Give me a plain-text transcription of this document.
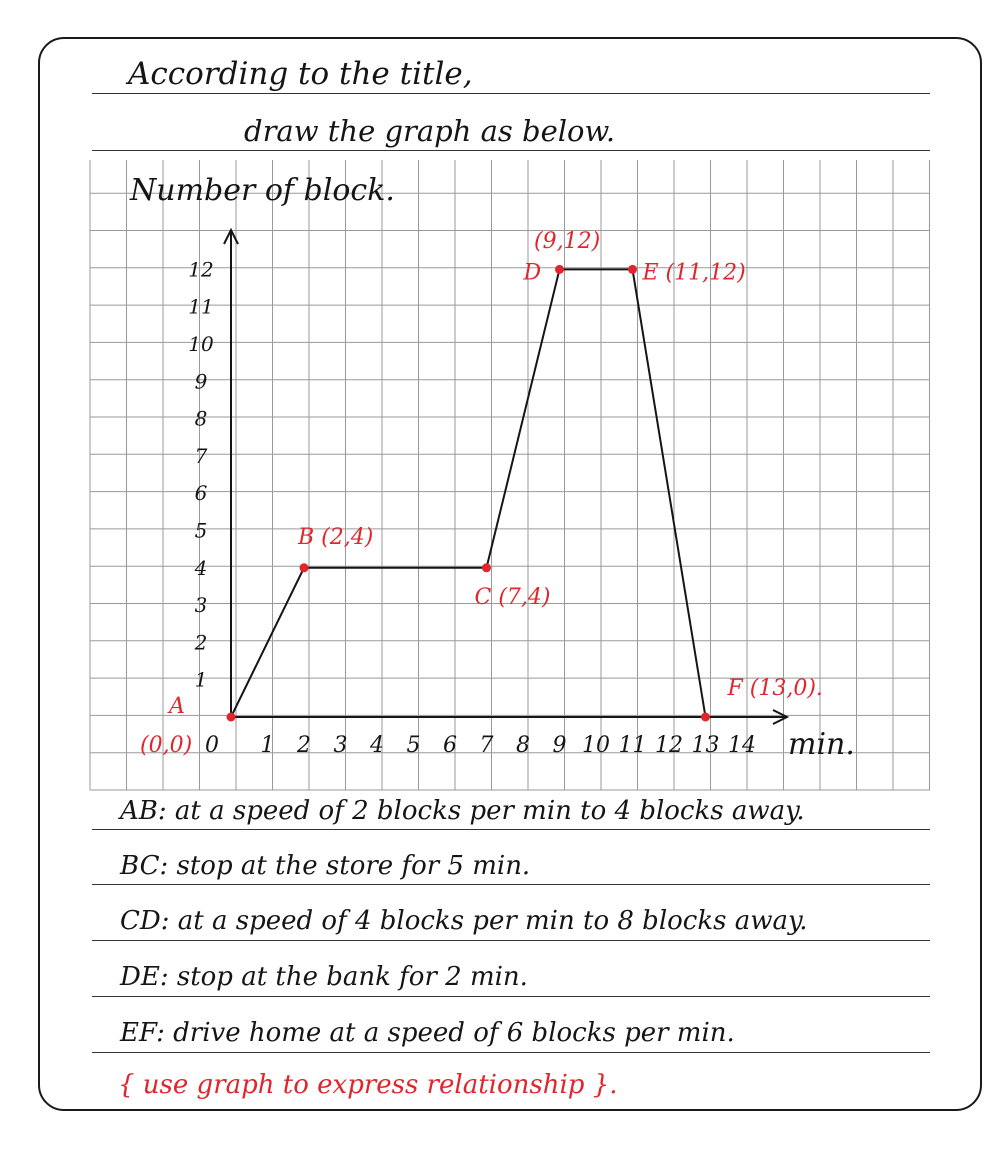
According to the title,
draw the graph as below.
1
2
3
4
5
6
7
8
9
10
11
12
0 1 2 3 4 5 6 7 8 9 10 11 12 13 14
Number of block.
min.
A
B (2,4)
C (7,4)
D	E (11,12)
F (13,0).
(0,0)
(9,12)
AB: at a speed of 2 blocks per min to 4 blocks away.
BC: stop at the store for 5 min.
CD: at a speed of 4 blocks per min to 8 blocks away.
DE: stop at the bank for 2 min.
EF: drive home at a speed of 6 blocks per min.
{ use graph to express relationship }.
